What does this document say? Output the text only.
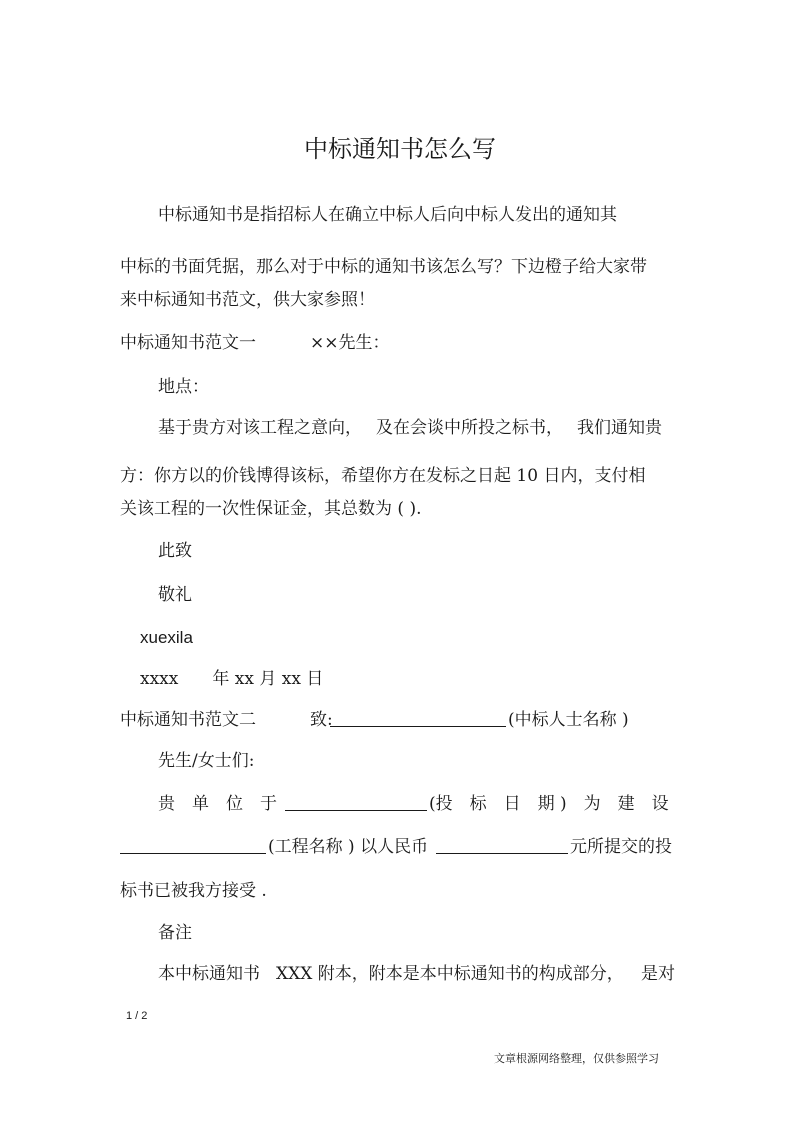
中标通知书怎么写
中标通知书是指招标人在确立中标人后向中标人发出的通知其
中标的书面凭据，那么对于中标的通知书该怎么写？下边橙子给大家带
来中标通知书范文，供大家参照！
中标通知书范文一	××先生：
地点：
基于贵方对该工程之意向， 及在会谈中所投之标书， 我们通知贵
方：你方以的价钱博得该标，希望你方在发标之日起 10 日内，支付相
关该工程的一次性保证金，其总数为 ( ).
此致
敬礼
xuexila
xxxx　　年 xx 月 xx 日
中标通知书范文二	致:	(中标人士名称 )
先生/女士们:
贵　单　位　于	(投　标　日　期 )　为　建　设
(工程名称 ) 以人民币	元所提交的投
标书已被我方接受 .
备注
本中标通知书 XXX 附本，附本是本中标通知书的构成部分， 是对
1 / 2
文章根源网络整理，仅供参照学习
